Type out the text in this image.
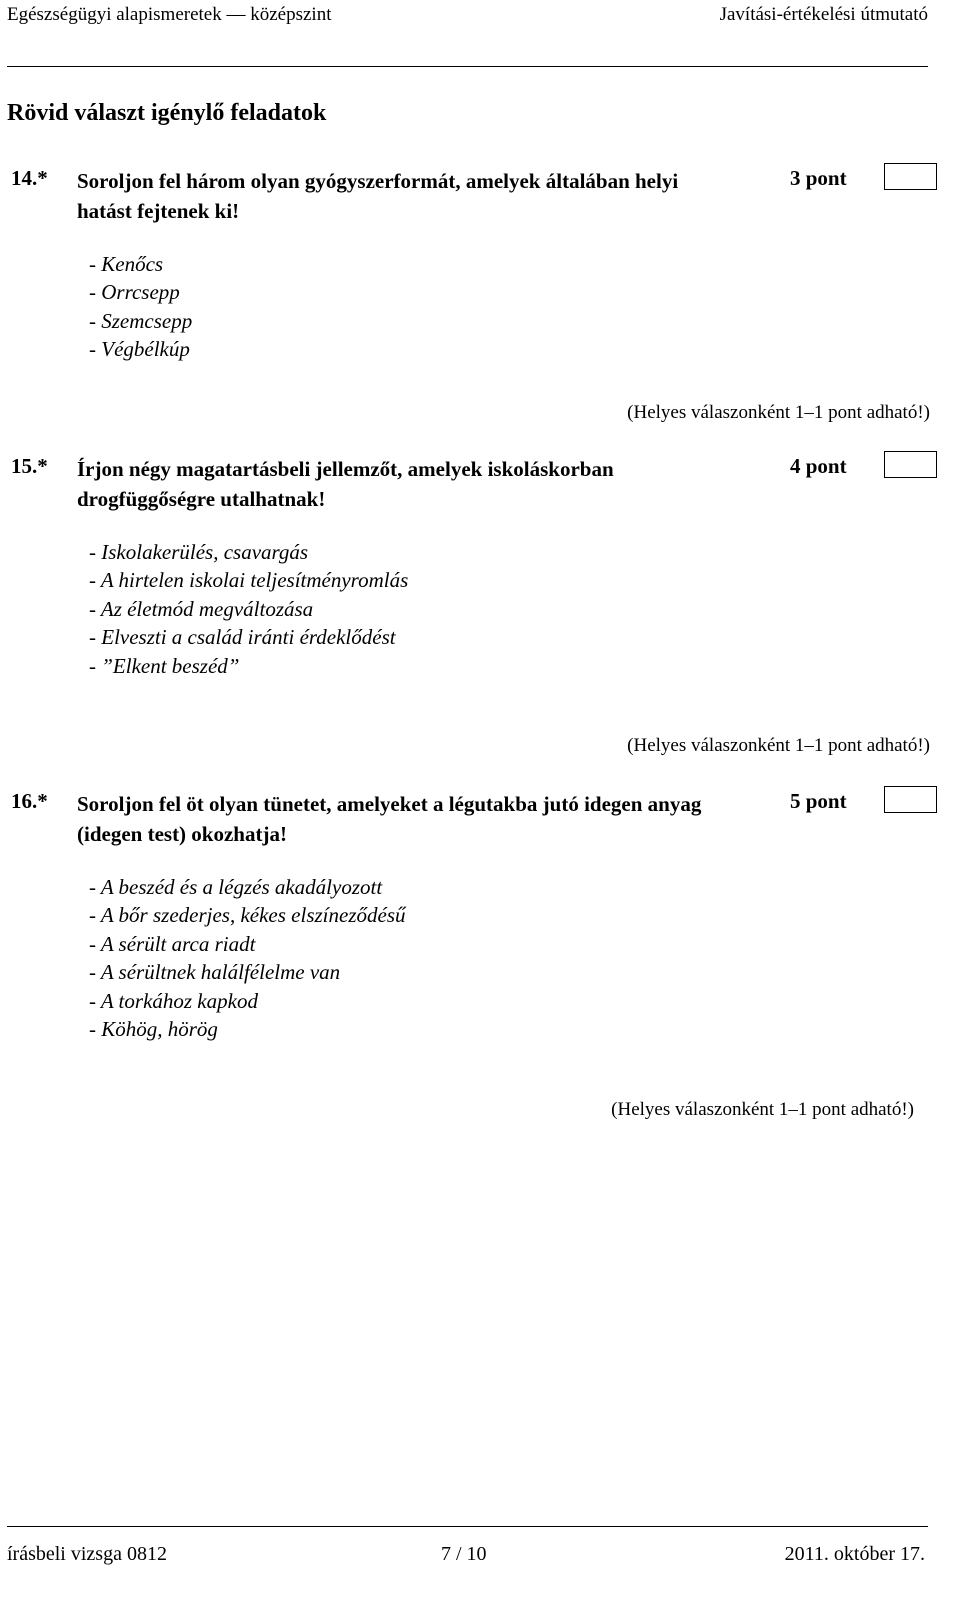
Egészségügyi alapismeretek — középszint	Javítási-értékelési útmutató
Rövid választ igénylő feladatok
14.* Soroljon fel három olyan gyógyszerformát, amelyek általában helyi hatást fejtenek ki!
3 pont
- Kenőcs
- Orrcsepp
- Szemcsepp
- Végbélkúp
(Helyes válaszonként 1–1 pont adható!)
15.* Írjon négy magatartásbeli jellemzőt, amelyek iskoláskorban drogfüggőségre utalhatnak!
4 pont
- Iskolakerülés, csavargás
- A hirtelen iskolai teljesítményromlás
- Az életmód megváltozása
- Elveszti a család iránti érdeklődést
- ”Elkent beszéd”
(Helyes válaszonként 1–1 pont adható!)
16.* Soroljon fel öt olyan tünetet, amelyeket a légutakba jutó idegen anyag (idegen test) okozhatja!
5 pont
- A beszéd és a légzés akadályozott
- A bőr szederjes, kékes elszíneződésű
- A sérült arca riadt
- A sérültnek halálfélelme van
- A torkához kapkod
- Köhög, hörög
(Helyes válaszonként 1–1 pont adható!)
írásbeli vizsga 0812	7 / 10	2011. október 17.
